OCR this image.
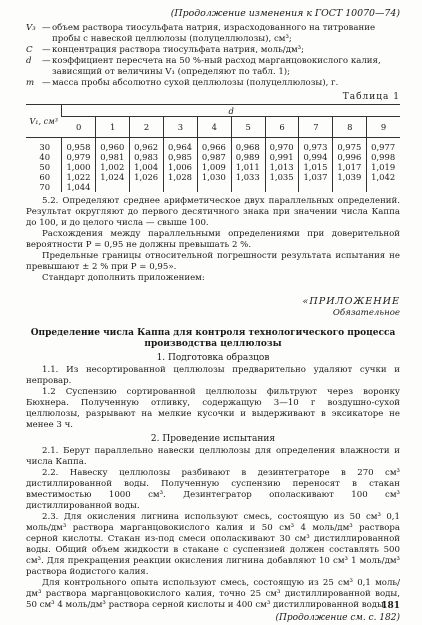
(Продолжение изменения к ГОСТ 10070—74)
V₃ — объем раствора тиосульфата натрия, израсходованного на титрование пробы с навеской целлюлозы (полуцеллюлозы), см³;
C	— концентрация раствора тиосульфата натрия, моль/дм³;
d	— коэффициент пересчета на 50 %-ный расход марганцовокислого калия, зависящий от величины V₁ (определяют по табл. 1);
m — масса пробы абсолютно сухой целлюлозы (полуцеллюлозы), г.
Таблица 1
V₁, см³	d									
	0	1	2	3	4	5	6	7	8	9
30	0,958	0,960	0,962	0,964	0,966	0,968	0,970	0,973	0,975	0,977
40	0,979	0,981	0,983	0,985	0,987	0,989	0,991	0,994	0,996	0,998
50	1,000	1,002	1,004	1,006	1,009	1,011	1,013	1,015	1,017	1,019
60	1,022	1,024	1,026	1,028	1,030	1,033	1,035	1,037	1,039	1,042
70	1,044									

5.2. Определяют среднее арифметическое двух параллельных определений. Результат округляют до первого десятичного знака при значении числа Каппа до 100, и до целого числа — свыше 100.

Расхождения между параллельными определениями при доверительной вероятности P = 0,95 не должны превышать 2 %.

Предельные границы относительной погрешности результата испытания не превышают ± 2 % при P = 0,95».

Стандарт дополнить приложением:

«ПРИЛОЖЕНИЕ
Обязательное
Определение числа Каппа для контроля технологического процесса производства целлюлозы
1. Подготовка образцов

1.1. Из несортированной целлюлозы предварительно удаляют сучки и непровар.

1.2 Суспензию сортированной целлюлозы фильтруют через воронку Бюхнера. Полученную отливку, содержащую 3—10 г воздушно-сухой целлюлозы, разрывают на мелкие кусочки и выдерживают в эксикаторе не менее 3 ч.

2. Проведение испытания

2.1. Берут параллельно навески целлюлозы для определения влажности и числа Каппа.

2.2. Навеску целлюлозы разбивают в дезинтеграторе в 270 см³ дистиллированной воды. Полученную суспензию переносят в стакан вместимостью 1000 см³. Дезинтегратор ополаскивают 100 см³ дистиллированной воды.

2.3. Для окисления лигнина используют смесь, состоящую из 50 см³ 0,1 моль/дм³ раствора марганцовокислого калия и 50 см³ 4 моль/дм³ раствора серной кислоты. Стакан из-под смеси ополаскивают 30 см³ дистиллированной воды. Общий объем жидкости в стакане с суспензией должен составлять 500 см³. Для прекращения реакции окисления лигнина добавляют 10 см³ 1 моль/дм³ раствора йодистого калия.

Для контрольного опыта используют смесь, состоящую из 25 см³ 0,1 моль/дм³ раствора марганцовокислого калия, точно 25 см³ дистиллированной воды, 50 см³ 4 моль/дм³ раствора серной кислоты и 400 см³ дистиллированной воды.

(Продолжение см. с. 182)
181
